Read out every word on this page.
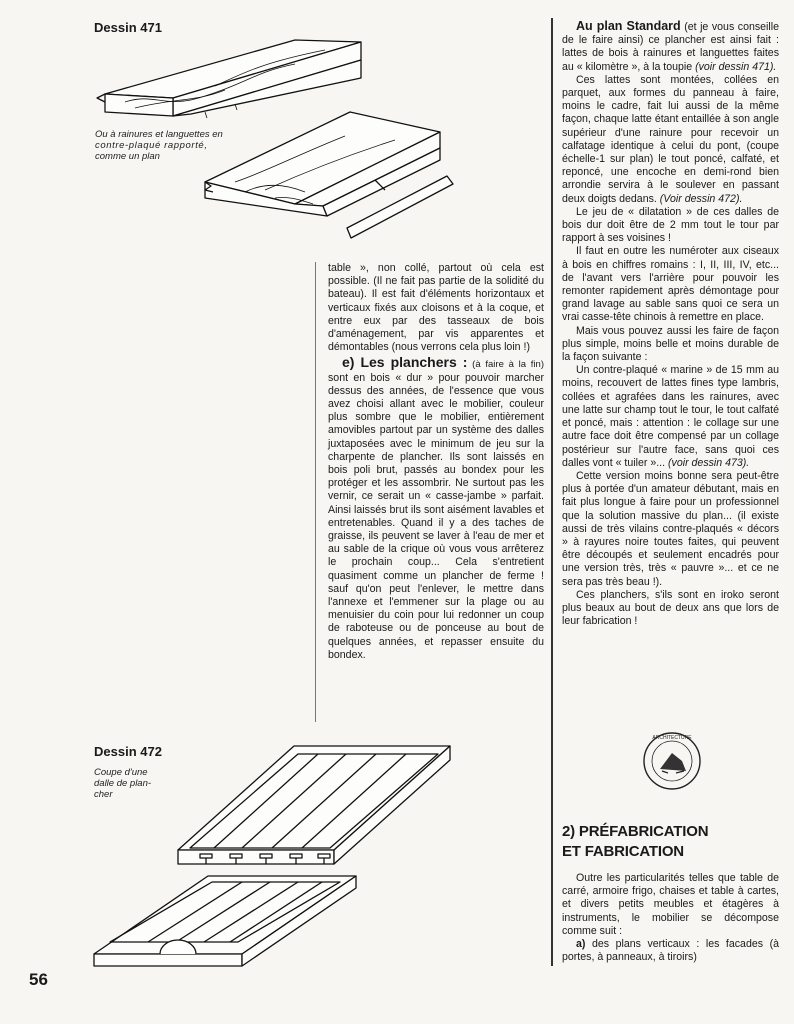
Dessin 471
Ou à rainures et languettes en
contre-plaqué rapporté,
comme un plan

table », non collé, partout où cela est possible. (Il ne fait pas partie de la solidité du bateau). Il est fait d'éléments horizontaux et verticaux fixés aux cloisons et à la coque, et entre eux par des tasseaux de bois d'aménagement, par vis apparentes et démontables (nous verrons cela plus loin !)

e) Les planchers : (à faire à la fin) sont en bois « dur » pour pouvoir marcher dessus des années, de l'essence que vous avez choisi allant avec le mobilier, couleur plus sombre que le mobilier, entièrement amovibles partout par un système des dalles juxtaposées avec le minimum de jeu sur la charpente de plancher. Ils sont laissés en bois poli brut, passés au bondex pour les protéger et les assombrir. Ne surtout pas les vernir, ce serait un « casse-jambe » parfait. Ainsi laissés brut ils sont aisément lavables et entretenables. Quand il y a des taches de graisse, ils peuvent se laver à l'eau de mer et au sable de la crique où vous vous arrêterez le prochain coup... Cela s'entretient quasiment comme un plancher de ferme ! sauf qu'on peut l'enlever, le mettre dans l'annexe et l'emmener sur la plage ou au menuisier du coin pour lui redonner un coup de raboteuse ou de ponceuse au bout de quelques années, et repasser ensuite du bondex.

Au plan Standard (et je vous conseille de le faire ainsi) ce plancher est ainsi fait : lattes de bois à rainures et languettes faites au « kilomètre », à la toupie (voir dessin 471).

Ces lattes sont montées, collées en parquet, aux formes du panneau à faire, moins le cadre, fait lui aussi de la même façon, chaque latte étant entaillée à son angle supérieur d'une rainure pour recevoir un calfatage identique à celui du pont, (coupe échelle-1 sur plan) le tout poncé, calfaté, et reponcé, une encoche en demi-rond bien arrondie servira à le soulever en passant deux doigts dedans. (Voir dessin 472).

Le jeu de « dilatation » de ces dalles de bois dur doit être de 2 mm tout le tour par rapport à ses voisines !

Il faut en outre les numéroter aux ciseaux à bois en chiffres romains : I, II, III, IV, etc... de l'avant vers l'arrière pour pouvoir les remonter rapidement après démontage pour grand lavage au sable sans quoi ce sera un vrai casse-tête chinois à remettre en place.

Mais vous pouvez aussi les faire de façon plus simple, moins belle et moins durable de la façon suivante :

Un contre-plaqué « marine » de 15 mm au moins, recouvert de lattes fines type lambris, collées et agrafées dans les rainures, avec une latte sur champ tout le tour, le tout calfaté et poncé, mais : attention : le collage sur une autre face doit être compensé par un collage postérieur sur l'autre face, sans quoi ces dalles vont « tuiler »... (voir dessin 473).

Cette version moins bonne sera peut-être plus à portée d'un amateur débutant, mais en fait plus longue à faire pour un professionnel que la solution massive du plan... (il existe aussi de très vilains contre-plaqués « décors » à rayures noire toutes faites, qui peuvent être découpés et seulement encadrés pour une version très, très « pauvre »... et ce ne sera pas très beau !).

Ces planchers, s'ils sont en iroko seront plus beaux au bout de deux ans que lors de leur fabrication !

ARCHITECTURE
2) PRÉFABRICATION
ET FABRICATION

Outre les particularités telles que table de carré, armoire frigo, chaises et table à cartes, et divers petits meubles et étagères à instruments, le mobilier se décompose comme suit :

a) des plans verticaux : les facades (à portes, à panneaux, à tiroirs)

Dessin 472
Coupe d'une
dalle de plan-
cher
56
